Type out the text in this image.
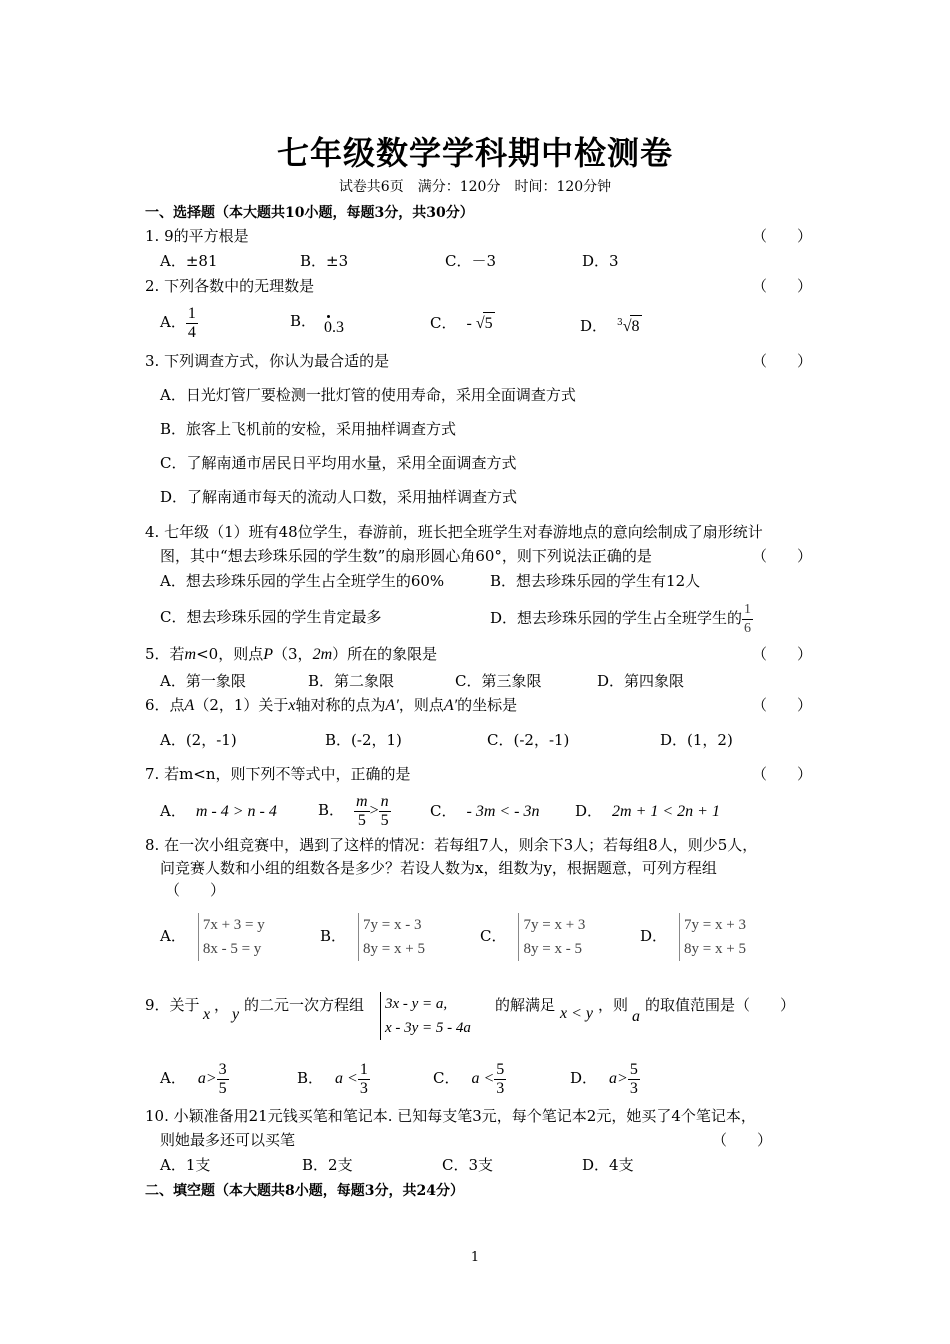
七年级数学学科期中检测卷
试卷共6页　满分：120分　时间：120分钟
一、选择题（本大题共10小题，每题3分，共30分）
1. 9的平方根是	（　　）
A．±81	B．±3	C．－3	D．3
2. 下列各数中的无理数是	（　　）
A． $\frac{1}{4}$	B． 0.3	C． - √5	D． $^3$√8
3. 下列调查方式，你认为最合适的是	（　　）
A．日光灯管厂要检测一批灯管的使用寿命，采用全面调查方式
B．旅客上飞机前的安检，采用抽样调查方式
C．了解南通市居民日平均用水量，采用全面调查方式
D．了解南通市每天的流动人口数，采用抽样调查方式
4. 七年级（1）班有48位学生，春游前，班长把全班学生对春游地点的意向绘制成了扇形统计
图，其中“想去珍珠乐园的学生数”的扇形圆心角60°，则下列说法正确的是	（　　）
A．想去珍珠乐园的学生占全班学生的60%	B．想去珍珠乐园的学生有12人
C．想去珍珠乐园的学生肯定最多	D．想去珍珠乐园的学生占全班学生的 $\frac{1}{6}$
5．若m<0，则点P（3，2m）所在的象限是	（　　）
A．第一象限	B．第二象限	C．第三象限	D．第四象限
6．点A（2，1）关于x轴对称的点为A′，则点A′的坐标是	（　　）
A．(2，-1)	B．(-2，1)	C．(-2，-1)	D．(1，2)
7. 若m<n，则下列不等式中，正确的是	（　　）
A． m - 4 > n - 4	B． $\frac{m}{5} > \frac{n}{5}$	C． - 3m < - 3n D． 2m + 1 < 2n + 1
8. 在一次小组竞赛中，遇到了这样的情况：若每组7人，则余下3人；若每组8人，则少5人，
问竞赛人数和小组的组数各是多少？若设人数为x，组数为y，根据题意，可列方程组
（　　）
A．
7x + 3 = y
8x - 5 = y
B．
7y = x - 3
8y = x + 5
C．
7y = x + 3
8y = x - 5
D．
7y = x + 3
8y = x + 5
9．关于
x
，
y
的二元一次方程组 3x - y = a,
x - 3y = 5 - 4a
的解满足 x < y ，则
a
的取值范围是（　　）
A． $a> \frac{3}{5}$	B． $a < \frac{1}{3}$	C． $a < \frac{5}{3}$	D． $a> \frac{5}{3}$
10. 小颖准备用21元钱买笔和笔记本. 已知每支笔3元，每个笔记本2元，她买了4个笔记本，
则她最多还可以买笔	（　　）
A．1支	B．2支	C．3支	D．4支
二、填空题（本大题共8小题，每题3分，共24分）
1
